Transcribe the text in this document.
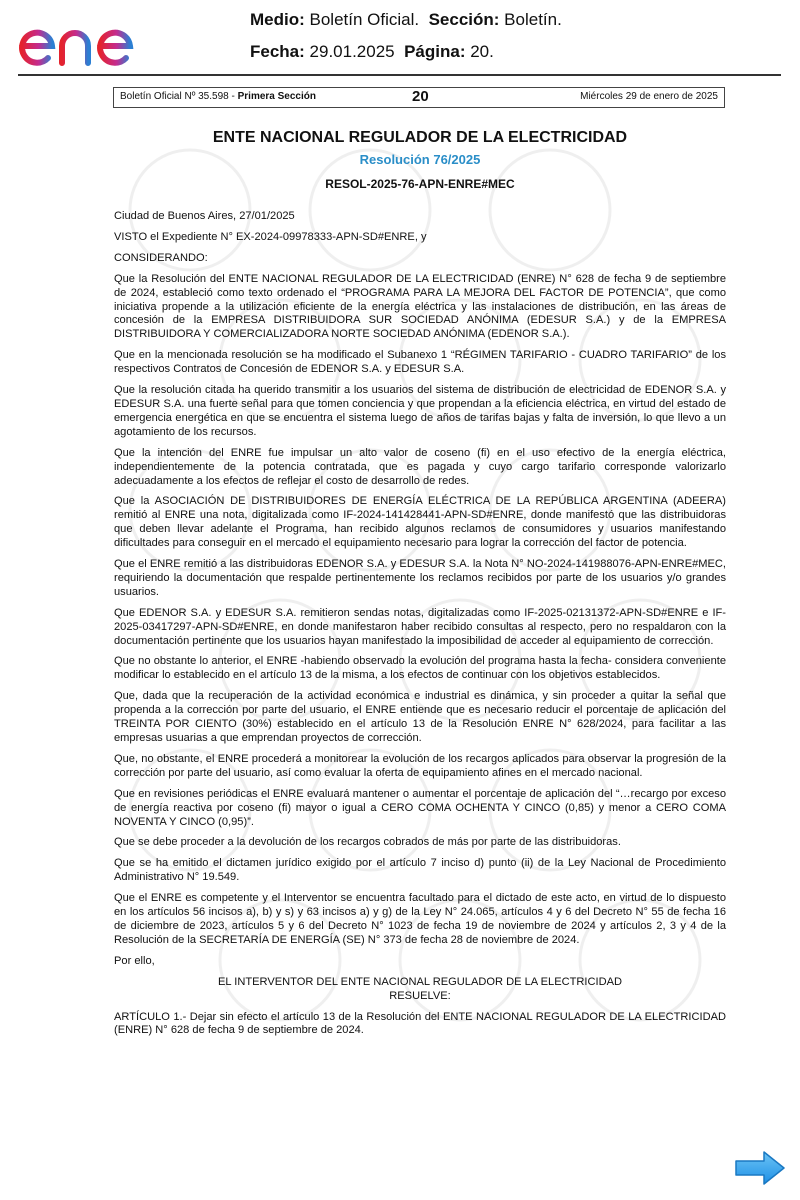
Medio: Boletín Oficial. Sección: Boletín.
Fecha: 29.01.2025 Página: 20.
Boletín Oficial Nº 35.598 - Primera Sección	20	Miércoles 29 de enero de 2025
ENTE NACIONAL REGULADOR DE LA ELECTRICIDAD
Resolución 76/2025
RESOL-2025-76-APN-ENRE#MEC

Ciudad de Buenos Aires, 27/01/2025

VISTO el Expediente N° EX-2024-09978333-APN-SD#ENRE, y

CONSIDERANDO:

Que la Resolución del ENTE NACIONAL REGULADOR DE LA ELECTRICIDAD (ENRE) N° 628 de fecha 9 de septiembre de 2024, estableció como texto ordenado el “PROGRAMA PARA LA MEJORA DEL FACTOR DE POTENCIA”, que como iniciativa propende a la utilización eficiente de la energía eléctrica y las instalaciones de distribución, en las áreas de concesión de la EMPRESA DISTRIBUIDORA SUR SOCIEDAD ANÓNIMA (EDESUR S.A.) y de la EMPRESA DISTRIBUIDORA Y COMERCIALIZADORA NORTE SOCIEDAD ANÓNIMA (EDENOR S.A.).

Que en la mencionada resolución se ha modificado el Subanexo 1 “RÉGIMEN TARIFARIO - CUADRO TARIFARIO” de los respectivos Contratos de Concesión de EDENOR S.A. y EDESUR S.A.

Que la resolución citada ha querido transmitir a los usuarios del sistema de distribución de electricidad de EDENOR S.A. y EDESUR S.A. una fuerte señal para que tomen conciencia y que propendan a la eficiencia eléctrica, en virtud del estado de emergencia energética en que se encuentra el sistema luego de años de tarifas bajas y falta de inversión, lo que llevo a un agotamiento de los recursos.

Que la intención del ENRE fue impulsar un alto valor de coseno (fi) en el uso efectivo de la energía eléctrica, independientemente de la potencia contratada, que es pagada y cuyo cargo tarifario corresponde valorizarlo adecuadamente a los efectos de reflejar el costo de desarrollo de redes.

Que la ASOCIACIÓN DE DISTRIBUIDORES DE ENERGÍA ELÉCTRICA DE LA REPÚBLICA ARGENTINA (ADEERA) remitió al ENRE una nota, digitalizada como IF-2024-141428441-APN-SD#ENRE, donde manifestó que las distribuidoras que deben llevar adelante el Programa, han recibido algunos reclamos de consumidores y usuarios manifestando dificultades para conseguir en el mercado el equipamiento necesario para lograr la corrección del factor de potencia.

Que el ENRE remitió a las distribuidoras EDENOR S.A. y EDESUR S.A. la Nota N° NO-2024-141988076-APN-ENRE#MEC, requiriendo la documentación que respalde pertinentemente los reclamos recibidos por parte de los usuarios y/o grandes usuarios.

Que EDENOR S.A. y EDESUR S.A. remitieron sendas notas, digitalizadas como IF-2025-02131372-APN-SD#ENRE e IF-2025-03417297-APN-SD#ENRE, en donde manifestaron haber recibido consultas al respecto, pero no respaldaron con la documentación pertinente que los usuarios hayan manifestado la imposibilidad de acceder al equipamiento de corrección.

Que no obstante lo anterior, el ENRE -habiendo observado la evolución del programa hasta la fecha- considera conveniente modificar lo establecido en el artículo 13 de la misma, a los efectos de continuar con los objetivos establecidos.

Que, dada que la recuperación de la actividad económica e industrial es dinámica, y sin proceder a quitar la señal que propenda a la corrección por parte del usuario, el ENRE entiende que es necesario reducir el porcentaje de aplicación del TREINTA POR CIENTO (30%) establecido en el artículo 13 de la Resolución ENRE N° 628/2024, para facilitar a las empresas usuarias a que emprendan proyectos de corrección.

Que, no obstante, el ENRE procederá a monitorear la evolución de los recargos aplicados para observar la progresión de la corrección por parte del usuario, así como evaluar la oferta de equipamiento afines en el mercado nacional.

Que en revisiones periódicas el ENRE evaluará mantener o aumentar el porcentaje de aplicación del “…recargo por exceso de energía reactiva por coseno (fi) mayor o igual a CERO COMA OCHENTA Y CINCO (0,85) y menor a CERO COMA NOVENTA Y CINCO (0,95)”.

Que se debe proceder a la devolución de los recargos cobrados de más por parte de las distribuidoras.

Que se ha emitido el dictamen jurídico exigido por el artículo 7 inciso d) punto (ii) de la Ley Nacional de Procedimiento Administrativo N° 19.549.

Que el ENRE es competente y el Interventor se encuentra facultado para el dictado de este acto, en virtud de lo dispuesto en los artículos 56 incisos a), b) y s) y 63 incisos a) y g) de la Ley N° 24.065, artículos 4 y 6 del Decreto N° 55 de fecha 16 de diciembre de 2023, artículos 5 y 6 del Decreto N° 1023 de fecha 19 de noviembre de 2024 y artículos 2, 3 y 4 de la Resolución de la SECRETARÍA DE ENERGÍA (SE) N° 373 de fecha 28 de noviembre de 2024.

Por ello,

EL INTERVENTOR DEL ENTE NACIONAL REGULADOR DE LA ELECTRICIDAD

RESUELVE:

ARTÍCULO 1.- Dejar sin efecto el artículo 13 de la Resolución del ENTE NACIONAL REGULADOR DE LA ELECTRICIDAD (ENRE) N° 628 de fecha 9 de septiembre de 2024.
